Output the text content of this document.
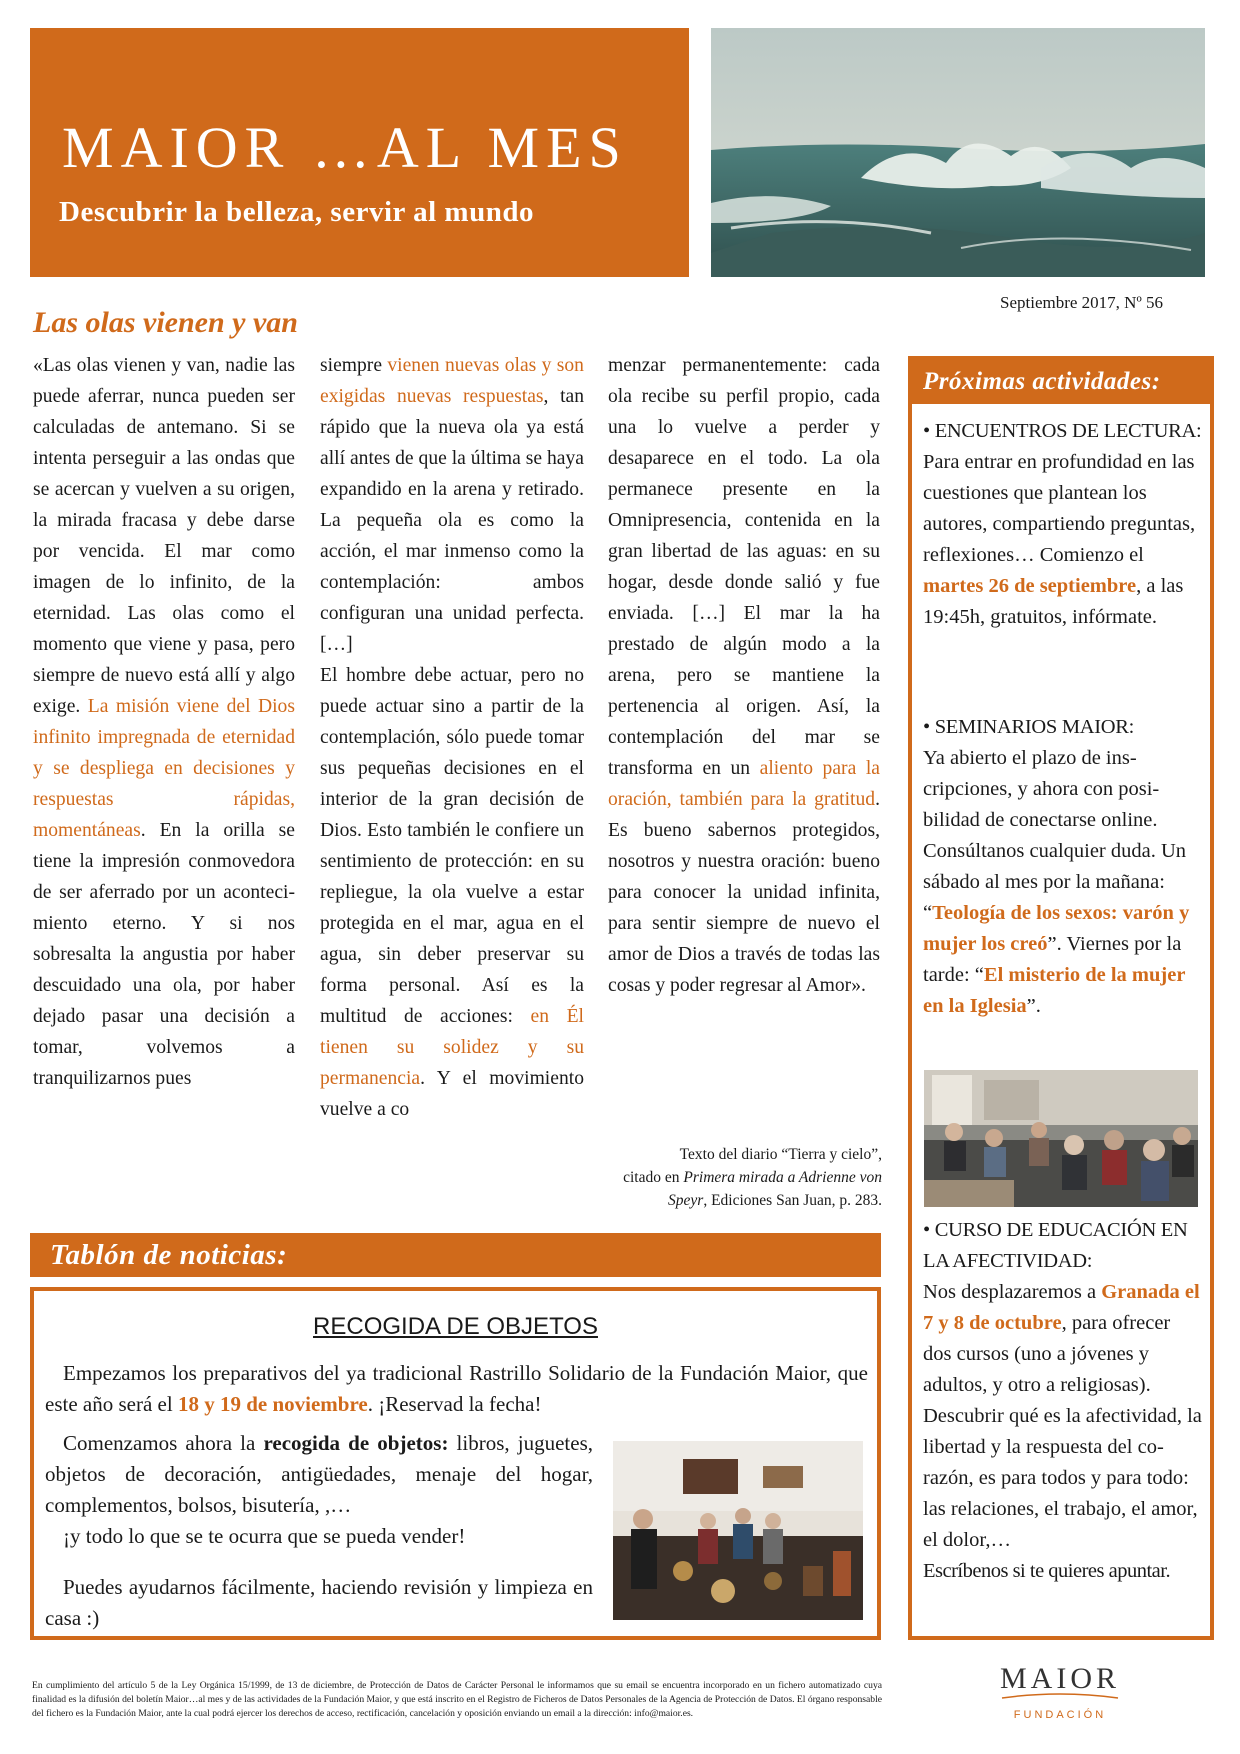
MAIOR …AL MES

Descubrir la belleza, servir al mundo

Septiembre 2017, Nº 56
Las olas vienen y van

«Las olas vienen y van, nadie las puede aferrar, nunca pueden ser calculadas de antemano. Si se intenta perseguir a las ondas que se acercan y vuelven a su origen, la mirada fracasa y debe darse por vencida. El mar como imagen de lo infinito, de la eternidad. Las olas como el momento que viene y pasa, pero siempre de nuevo está allí y algo exige. La misión viene del Dios infinito impregnada de eternidad y se despliega en decisiones y respuestas rápidas, momentáneas. En la orilla se tiene la impresión conmovedora de ser aferrado por un acontecimiento eterno. Y si nos sobresalta la angustia por haber descuidado una ola, por haber dejado pasar una decisión a tomar, volvemos a tranquilizarnos pues

siempre vienen nuevas olas y son exigidas nuevas respuestas, tan rápido que la nueva ola ya está allí antes de que la última se haya expandido en la arena y retirado. La pequeña ola es como la acción, el mar inmenso como la contemplación: ambos configuran una unidad perfecta. […]

El hombre debe actuar, pero no puede actuar sino a partir de la contemplación, sólo puede tomar sus pequeñas decisiones en el interior de la gran decisión de Dios. Esto también le confiere un sentimiento de protección: en su repliegue, la ola vuelve a estar protegida en el mar, agua en el agua, sin deber preservar su forma personal. Así es la multitud de acciones: en Él tienen su solidez y su permanencia. Y el movimiento vuelve a co

menzar permanentemente: cada ola recibe su perfil propio, cada una lo vuelve a perder y desaparece en el todo. La ola permanece presente en la Omnipresencia, contenida en la gran libertad de las aguas: en su hogar, desde donde salió y fue enviada. […] El mar la ha prestado de algún modo a la arena, pero se mantiene la pertenencia al origen. Así, la contemplación del mar se transforma en un aliento para la oración, también para la gratitud. Es bueno sabernos protegidos, nosotros y nuestra oración: bueno para conocer la unidad infinita, para sentir siempre de nuevo el amor de Dios a través de todas las cosas y poder regresar al Amor».

Texto del diario “Tierra y cielo”,
citado en Primera mirada a Adrienne von Speyr, Ediciones San Juan, p. 283.

Próximas actividades:

• ENCUENTROS DE LECTURA:

Para entrar en profundidad en las cuestiones que plantean los autores, compartiendo preguntas, reflexiones… Comienzo el martes 26 de septiembre, a las 19:45h, gratuitos, infórmate.

• SEMINARIOS MAIOR:

Ya abierto el plazo de inscripciones, y ahora con posibilidad de conectarse online. Consúltanos cualquier duda. Un sábado al mes por la mañana: “Teología de los sexos: varón y mujer los creó”. Viernes por la tarde: “El misterio de la mujer en la Iglesia”.

• CURSO DE EDUCACIÓN EN LA AFECTIVIDAD:

Nos desplazaremos a Granada el 7 y 8 de octubre, para ofrecer dos cursos (uno a jóvenes y adultos, y otro a religiosas). Descubrir qué es la afectividad, la libertad y la respuesta del corazón, es para todos y para todo: las relaciones, el trabajo, el amor, el dolor,…

Escríbenos si te quieres apuntar.

Tablón de noticias:

RECOGIDA DE OBJETOS

Empezamos los preparativos del ya tradicional Rastrillo Solidario de la Fundación Maior, que este año será el 18 y 19 de noviembre. ¡Reservad la fecha!

Comenzamos ahora la recogida de objetos: libros, juguetes, objetos de decoración, antigüedades, menaje del hogar, complementos, bolsos, bisutería, ,…
¡y todo lo que se te ocurra que se pueda vender!

Puedes ayudarnos fácilmente, haciendo revisión y limpieza en casa :)

En cumplimiento del artículo 5 de la Ley Orgánica 15/1999, de 13 de diciembre, de Protección de Datos de Carácter Personal le informamos que su email se encuentra incorporado en un fichero automatizado cuya finalidad es la difusión del boletín Maior…al mes y de las actividades de la Fundación Maior, y que está inscrito en el Registro de Ficheros de Datos Personales de la Agencia de Protección de Datos. El órgano responsable del fichero es la Fundación Maior, ante la cual podrá ejercer los derechos de acceso, rectificación, cancelación y oposición enviando un email a la dirección: info@maior.es.

MAIOR
FUNDACIÓN
